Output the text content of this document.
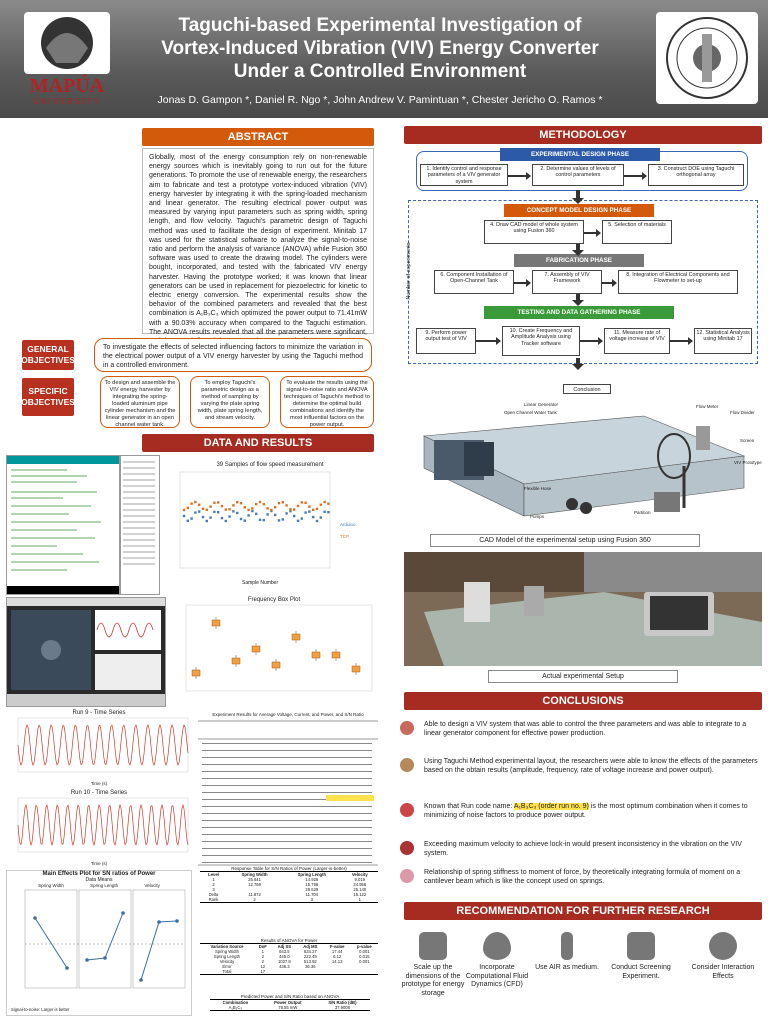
MAPÚA
UNIVERSITY
Taguchi-based Experimental Investigation of
Vortex-Induced Vibration (VIV) Energy Converter
Under a Controlled Environment
Jonas D. Gampon *, Daniel R. Ngo *, John Andrew V. Pamintuan *, Chester Jericho O. Ramos *
ABSTRACT
Globally, most of the energy consumption rely on non-renewable energy sources which is inevitably going to run out for the future generations. To promote the use of renewable energy, the researchers aim to fabricate and test a prototype vortex-induced vibration (VIV) energy harvester by integrating it with the spring-loaded mechanism and linear generator. The resulting electrical power output was measured by varying input parameters such as spring width, spring length, and flow velocity. Taguchi's parametric design of Taguchi method was used to facilitate the design of experiment. Minitab 17 was used for the statistical software to analyze the signal-to-noise ratio and perform the analysis of variance (ANOVA) while Fusion 360 software was used to create the drawing model. The cylinders were bought, incorporated, and tested with the fabricated VIV energy harvester. Having the prototype worked; it was known that linear generators can be used in replacement for piezoelectric for kinetic to electric energy conversion. The experimental results show the behavior of the combined parameters and revealed that the best combination is A₁B₃C₃ which optimized the power output to 71.41mW with a 90.03% accuracy when compared to the Taguchi estimation. The ANOVA results revealed that all the parameters were significant,
GENERAL OBJECTIVES
To investigate the effects of selected influencing factors to minimize the variation in the electrical power output of a VIV energy harvester by using the Taguchi method in a controlled environment.
SPECIFIC OBJECTIVES
To design and assemble the VIV energy harvester by integrating the spring-loaded aluminum pipe cylinder mechanism and the linear generator in an open channel water tank.
To employ Taguchi's parametric design as a method of sampling by varying the plate spring width, plate spring length, and stream velocity.
To evaluate the results using the signal-to-noise ratio and ANOVA techniques of Taguchi's method to determine the optimal build combinations and identify the most influential factors on the power output.
DATA AND RESULTS
39 Samples of flow speed measurement
Sample Number
Arduino
TCP
Frequency Box Plot
Run 9 - Time Series
Time (s)
Run 10 - Time Series
Time (s)
Main Effects Plot for SN ratios of Power
Data Means
Spring Width	Spring Length	Velocity
Signal-to-noise: Larger is better
Experiment Results for Average Voltage, Current, and Power, and S/N Ratio
Response Table for S/N Ratios of Power (Larger-is-better)
Level	Spring Width	Spring Length	Velocity
1	25.641	14.926	9.019
2	12.769	15.768	24.958
3		28.529	25.140
Delta	11.872	11.704	16.122
Rank	2	3	1
Results of ANOVA for Power
Variation Source	DoF	Adj SS	Adj MS	F-value	p-value
Spring Width	1	643.5	634.27	17.44	0.001
Spring Length	2	445.0	222.49	6.12	0.015
Velocity	2	1027.8	513.92	14.13	0.001
Error	12	436.3	36.36		
Total	17				
Predicted Power and S/N Ratio based on ANOVA
Combination	Power Output	S/N Ratio (dB)
A₁B₃C₃	78.55 mW	37.9008
METHODOLOGY
EXPERIMENTAL DESIGN PHASE
1. Identify control and response parameters of a VIV generator system
2. Determine values of levels of control parameters
3. Construct DOE using Taguchi orthogonal array
Number of experiments
CONCEPT MODEL DESIGN PHASE
4. Draw CAD model of whole system using Fusion 360
5. Selection of materials
FABRICATION PHASE
6. Component Installation of Open-Channel Tank
7. Assembly of VIV Framework
8. Integration of Electrical Components and Flowmeter to set-up
TESTING AND DATA GATHERING PHASE
9. Perform power output test of VIV
10. Create Frequency and Amplitude Analysis using Tracker software
11. Measure rate of voltage increase of VIV
12. Statistical Analysis using Minitab 17
Conclusion
Linear Generator
Open Channel Water Tank
Flow Meter
Flow Divider
Screen
VIV Prototype
Flexible Hose
Pumps
Partition
CAD Model of the experimental setup using Fusion 360
Actual experimental Setup
CONCLUSIONS
Able to design a VIV system that was able to control the three parameters and was able to integrate to a linear generator component for effective power production.
Using Taguchi Method experimental layout, the researchers were able to know the effects of the parameters based on the obtain results (amplitude, frequency, rate of voltage increase and power output).
Known that Run code name: A₁B₃C₃ (order run no. 9) is the most optimum combination when it comes to minimizing of noise factors to produce power output.
Exceeding maximum velocity to achieve lock-in would present inconsistency in the vibration on the VIV system.
Relationship of spring stiffness to moment of force, by theoretically integrating formula of moment on a cantilever beam which is like the concept used on springs.
RECOMMENDATION FOR FURTHER RESEARCH
Scale up the dimensions of the prototype for energy storage
Incorporate Computational Fluid Dynamics (CFD)
Use AIR as medium.	Conduct Screening Experiment.
Consider Interaction Effects
